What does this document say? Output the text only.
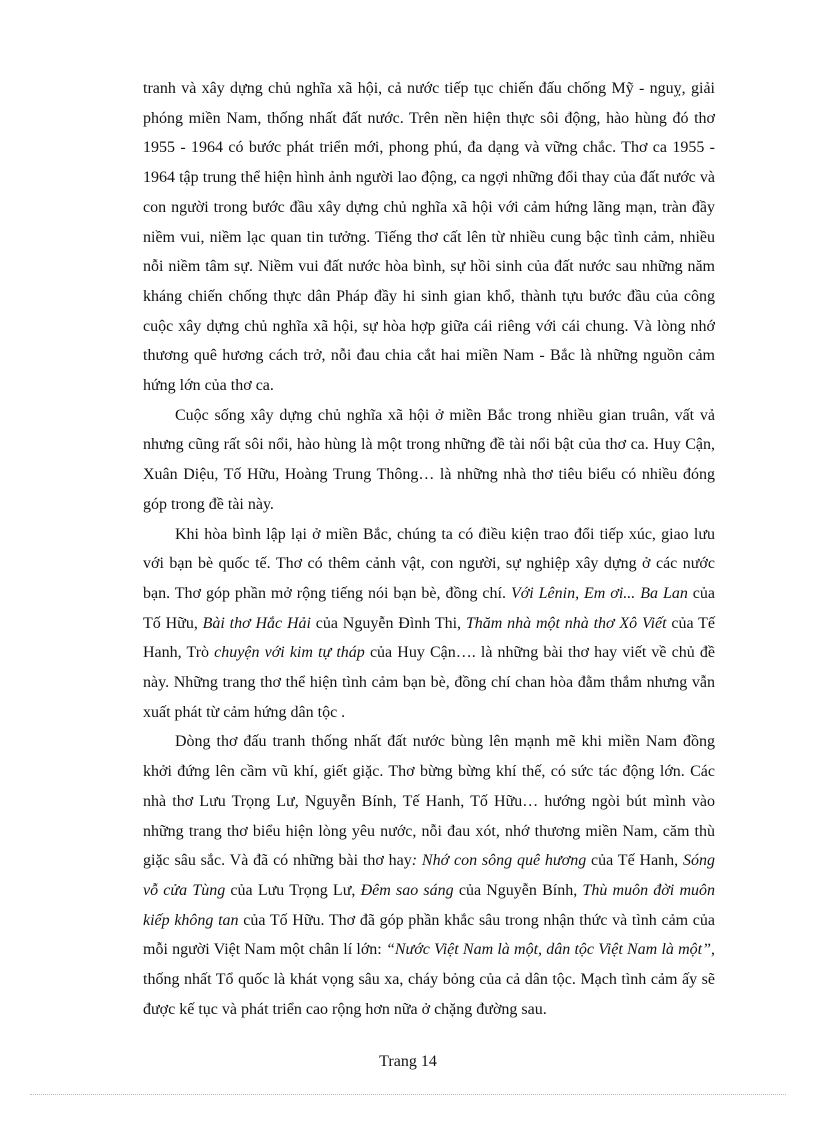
tranh và xây dựng chủ nghĩa xã hội, cả nước tiếp tục chiến đấu chống Mỹ - nguỵ, giải phóng miền Nam, thống nhất đất nước. Trên nền hiện thực sôi động, hào hùng đó thơ 1955 - 1964 có bước phát triển mới, phong phú, đa dạng và vững chắc. Thơ ca 1955 - 1964 tập trung thể hiện hình ảnh người lao động, ca ngợi những đổi thay của đất nước và con người trong bước đầu xây dựng chủ nghĩa xã hội với cảm hứng lãng mạn, tràn đầy niềm vui, niềm lạc quan tin tưởng. Tiếng thơ cất lên từ nhiều cung bậc tình cảm, nhiều nỗi niềm tâm sự. Niềm vui đất nước hòa bình, sự hồi sinh của đất nước sau những năm kháng chiến chống thực dân Pháp đầy hi sinh gian khổ, thành tựu bước đầu của công cuộc xây dựng chủ nghĩa xã hội, sự hòa hợp giữa cái riêng với cái chung. Và lòng nhớ thương quê hương cách trở, nỗi đau chia cắt hai miền Nam - Bắc là những nguồn cảm hứng lớn của thơ ca.

Cuộc sống xây dựng chủ nghĩa xã hội ở miền Bắc trong nhiều gian truân, vất vả nhưng cũng rất sôi nổi, hào hùng là một trong những đề tài nổi bật của thơ ca. Huy Cận, Xuân Diệu, Tố Hữu, Hoàng Trung Thông… là những nhà thơ tiêu biểu có nhiều đóng góp trong đề tài này.

Khi hòa bình lập lại ở miền Bắc, chúng ta có điều kiện trao đổi tiếp xúc, giao lưu với bạn bè quốc tế. Thơ có thêm cảnh vật, con người, sự nghiệp xây dựng ở các nước bạn. Thơ góp phần mở rộng tiếng nói bạn bè, đồng chí. Với Lênin, Em ơi... Ba Lan của Tố Hữu, Bài thơ Hắc Hải của Nguyễn Đình Thi, Thăm nhà một nhà thơ Xô Viết của Tế Hanh, Trò chuyện với kim tự tháp của Huy Cận…. là những bài thơ hay viết về chủ đề này. Những trang thơ thể hiện tình cảm bạn bè, đồng chí chan hòa đằm thắm nhưng vẫn xuất phát từ cảm hứng dân tộc .

Dòng thơ đấu tranh thống nhất đất nước bùng lên mạnh mẽ khi miền Nam đồng khởi đứng lên cầm vũ khí, giết giặc. Thơ bừng bừng khí thế, có sức tác động lớn. Các nhà thơ Lưu Trọng Lư, Nguyễn Bính, Tế Hanh, Tố Hữu… hướng ngòi bút mình vào những trang thơ biểu hiện lòng yêu nước, nỗi đau xót, nhớ thương miền Nam, căm thù giặc sâu sắc. Và đã có những bài thơ hay: Nhớ con sông quê hương của Tế Hanh, Sóng vỗ cửa Tùng của Lưu Trọng Lư, Đêm sao sáng của Nguyễn Bính, Thù muôn đời muôn kiếp không tan của Tố Hữu. Thơ đã góp phần khắc sâu trong nhận thức và tình cảm của mỗi người Việt Nam một chân lí lớn: “Nước Việt Nam là một, dân tộc Việt Nam là một”, thống nhất Tổ quốc là khát vọng sâu xa, cháy bỏng của cả dân tộc. Mạch tình cảm ấy sẽ được kế tục và phát triển cao rộng hơn nữa ở chặng đường sau.

Trang 14
